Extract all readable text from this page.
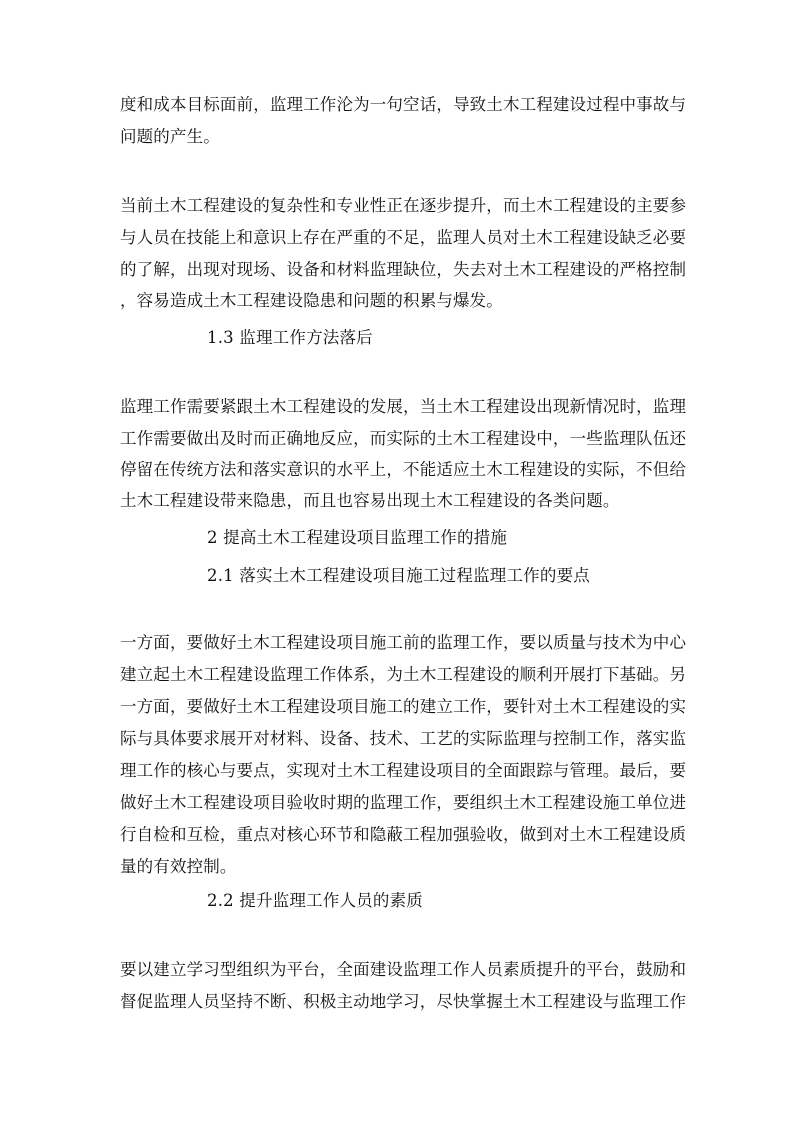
度和成本目标面前，监理工作沦为一句空话，导致土木工程建设过程中事故与
问题的产生。
当前土木工程建设的复杂性和专业性正在逐步提升，而土木工程建设的主要参
与人员在技能上和意识上存在严重的不足，监理人员对土木工程建设缺乏必要
的了解，出现对现场、设备和材料监理缺位，失去对土木工程建设的严格控制
，容易造成土木工程建设隐患和问题的积累与爆发。
1.3 监理工作方法落后
监理工作需要紧跟土木工程建设的发展，当土木工程建设出现新情况时，监理
工作需要做出及时而正确地反应，而实际的土木工程建设中，一些监理队伍还
停留在传统方法和落实意识的水平上，不能适应土木工程建设的实际，不但给
土木工程建设带来隐患，而且也容易出现土木工程建设的各类问题。
2 提高土木工程建设项目监理工作的措施
2.1 落实土木工程建设项目施工过程监理工作的要点
一方面，要做好土木工程建设项目施工前的监理工作，要以质量与技术为中心
建立起土木工程建设监理工作体系，为土木工程建设的顺利开展打下基础。另
一方面，要做好土木工程建设项目施工的建立工作，要针对土木工程建设的实
际与具体要求展开对材料、设备、技术、工艺的实际监理与控制工作，落实监
理工作的核心与要点，实现对土木工程建设项目的全面跟踪与管理。最后，要
做好土木工程建设项目验收时期的监理工作，要组织土木工程建设施工单位进
行自检和互检，重点对核心环节和隐蔽工程加强验收，做到对土木工程建设质
量的有效控制。
2.2 提升监理工作人员的素质
要以建立学习型组织为平台，全面建设监理工作人员素质提升的平台，鼓励和
督促监理人员坚持不断、积极主动地学习，尽快掌握土木工程建设与监理工作
